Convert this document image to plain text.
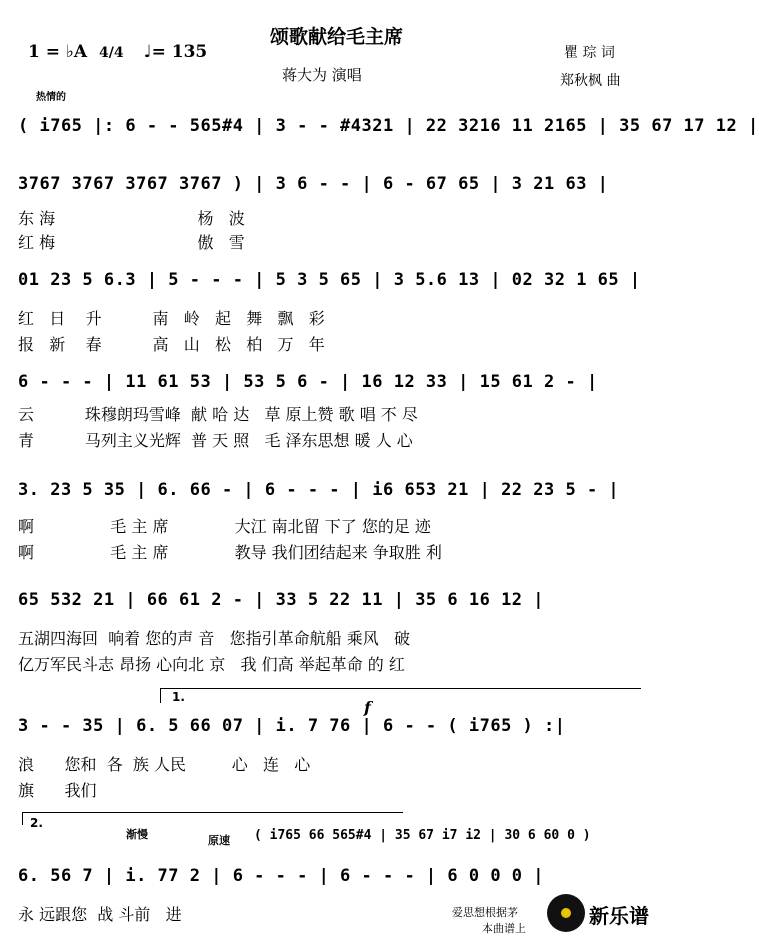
颂歌献给毛主席
1 = ♭A 4/4 ♩= 135
蒋大为 演唱
瞿 琮 词
郑秋枫 曲
热情的
( i765 |: 6 - - 565#4 | 3 - - #4321 | 22 3216 11 2165 | 35 67 17 12 |
3767 3767 3767 3767 ) | 3 6 - - | 6 - 67 65 | 3 21 63 |
东 海                            杨   波
红 梅                            傲   雪
01 23 5 6.3 | 5 - - - | 5 3 5 65 | 3 5.6 13 | 02 32 1 65 |
红   日    升          南   岭   起   舞   飘   彩
报   新    春          高   山   松   柏   万   年
6 - - - | 11 61 53 | 53 5 6 - | 16 12 33 | 15 61 2 - |
云          珠穆朗玛雪峰  献 哈 达   草 原上赞 歌 唱 不 尽
青          马列主义光辉  普 天 照   毛 泽东思想 暖 人 心
3. 23 5 35 | 6. 66 - | 6 - - - | i6 653 21 | 22 23 5 - |
啊               毛 主 席             大江 南北留 下了 您的足 迹
啊               毛 主 席             教导 我们团结起来 争取胜 利
65 532 21 | 66 61 2 - | 33 5 22 11 | 35 6 16 12 |
五湖四海回  响着 您的声 音   您指引革命航船 乘风   破
亿万军民斗志 昂扬 心向北 京   我 们高 举起革命 的 红
1.
f
3 - - 35 | 6. 5 66 07 | i. 7 76 | 6 - - ( i765 ) :|
浪      您和  各  族 人民         心   连   心
旗      我们
2.
渐慢	原速 ( i765 66 565#4 | 35 67 i7 i2 | 30 6 60 0 )
6. 56 7 | i. 77 2 | 6 - - - | 6 - - - | 6 0 0 0 |
永 远跟您  战 斗前   进	爱思想根据茅
本曲谱上
新乐谱
